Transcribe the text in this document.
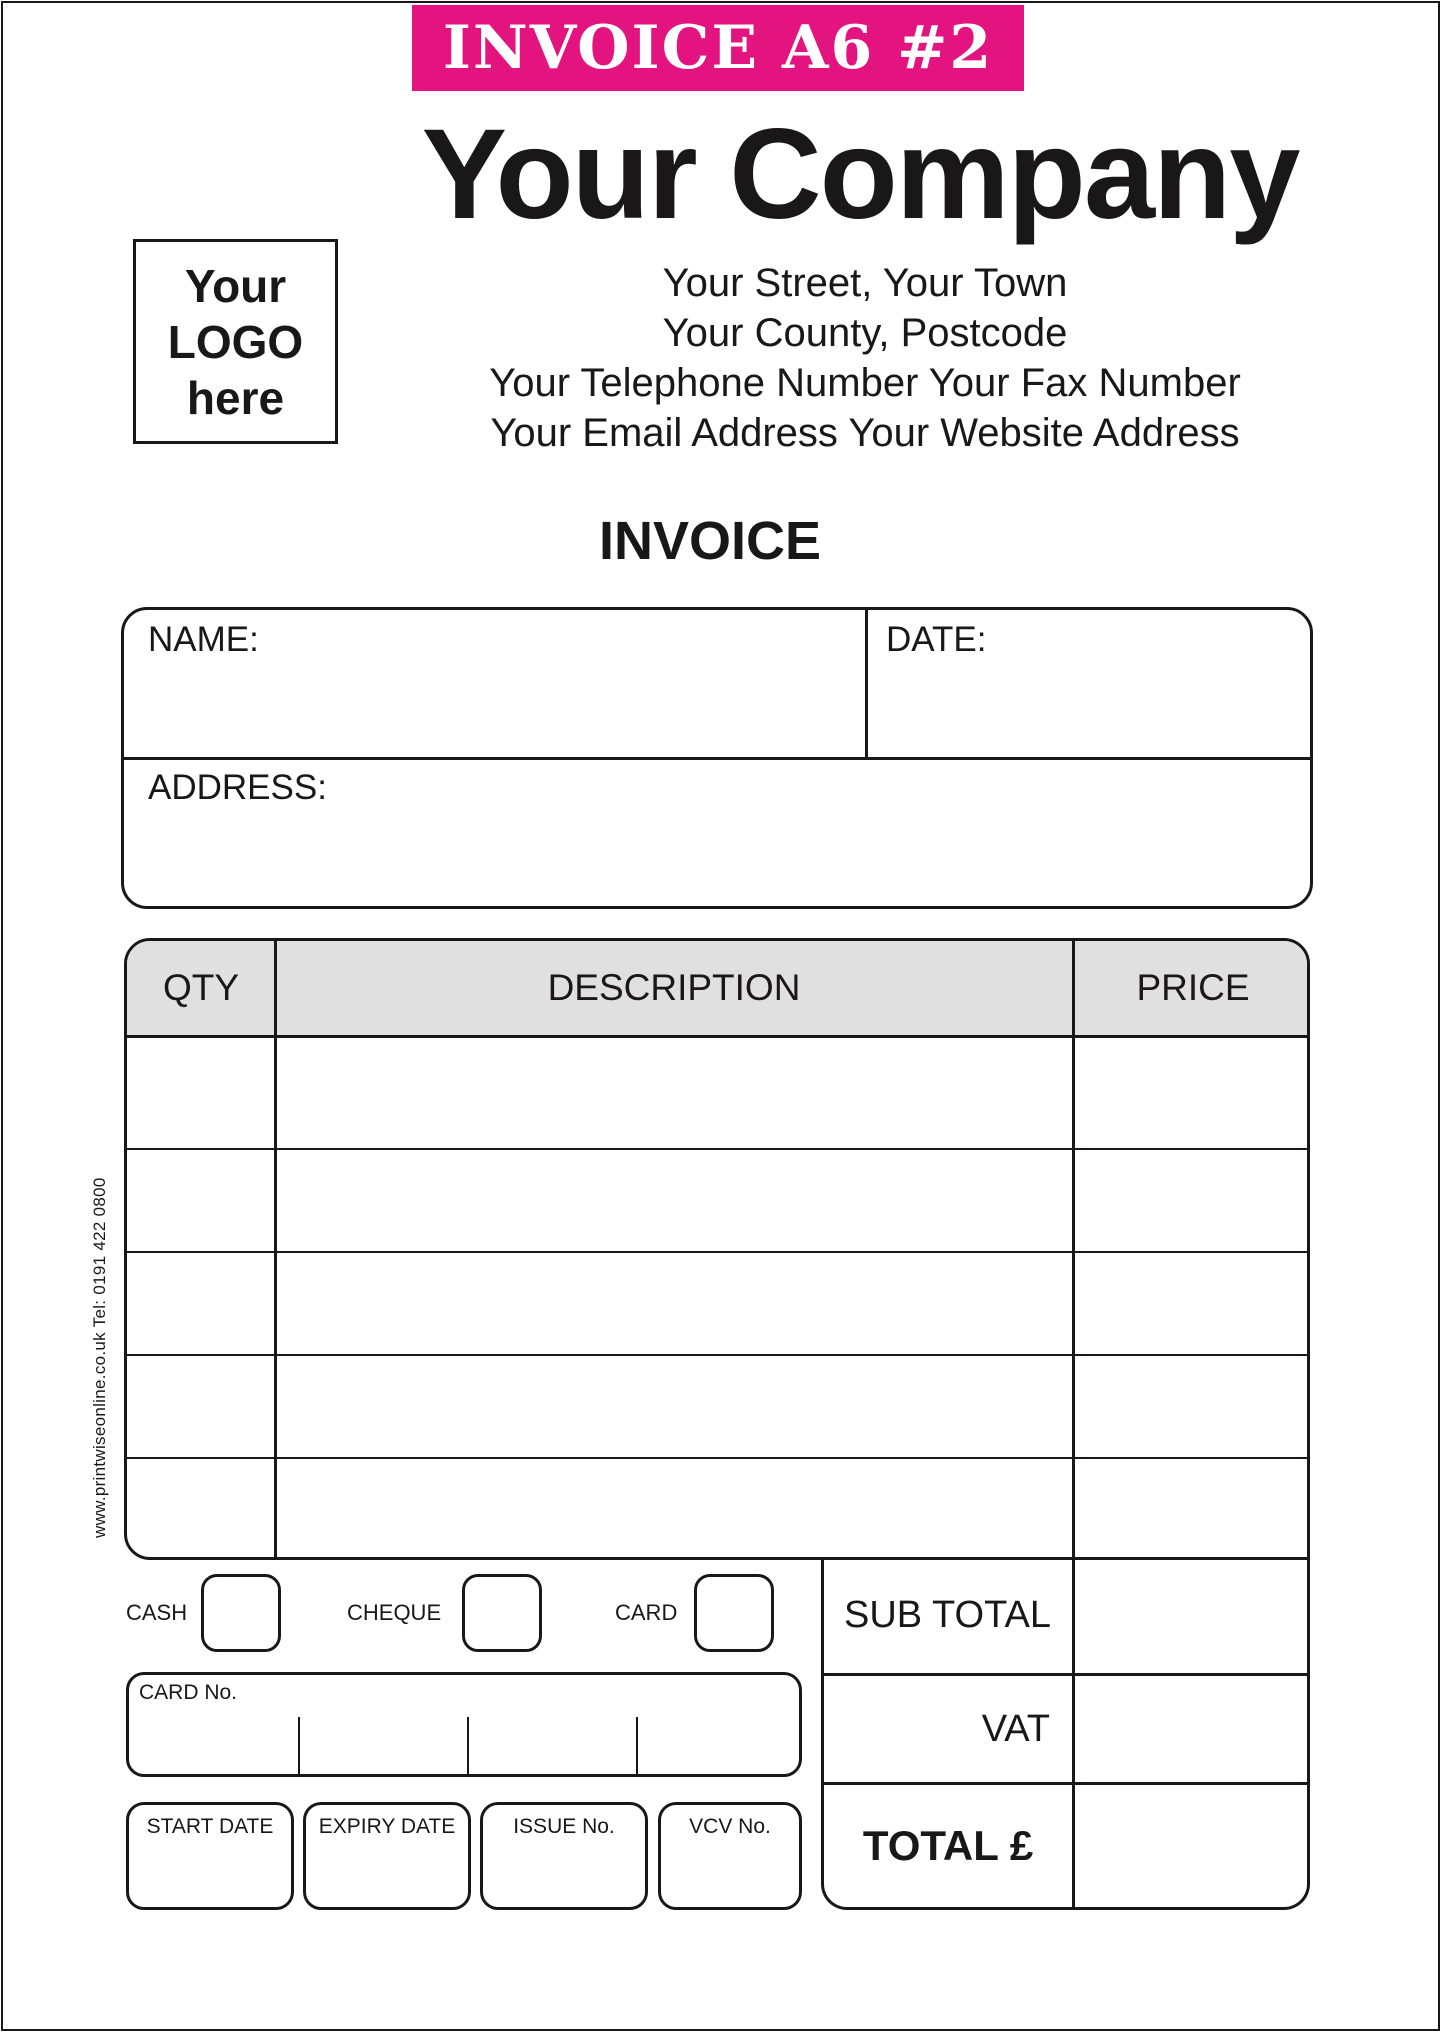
INVOICE A6 #2
Your Company
Your
LOGO
here
Your Street, Your Town
Your County, Postcode
Your Telephone Number Your Fax Number
Your Email Address Your Website Address
INVOICE
NAME:	DATE:
ADDRESS:
QTY	DESCRIPTION	PRICE
www.printwiseonline.co.uk Tel: 0191 422 0800
SUB TOTAL
VAT
TOTAL £
CASH	CHEQUE	CARD
CARD No.
START DATE	EXPIRY DATE	ISSUE No.	VCV No.
